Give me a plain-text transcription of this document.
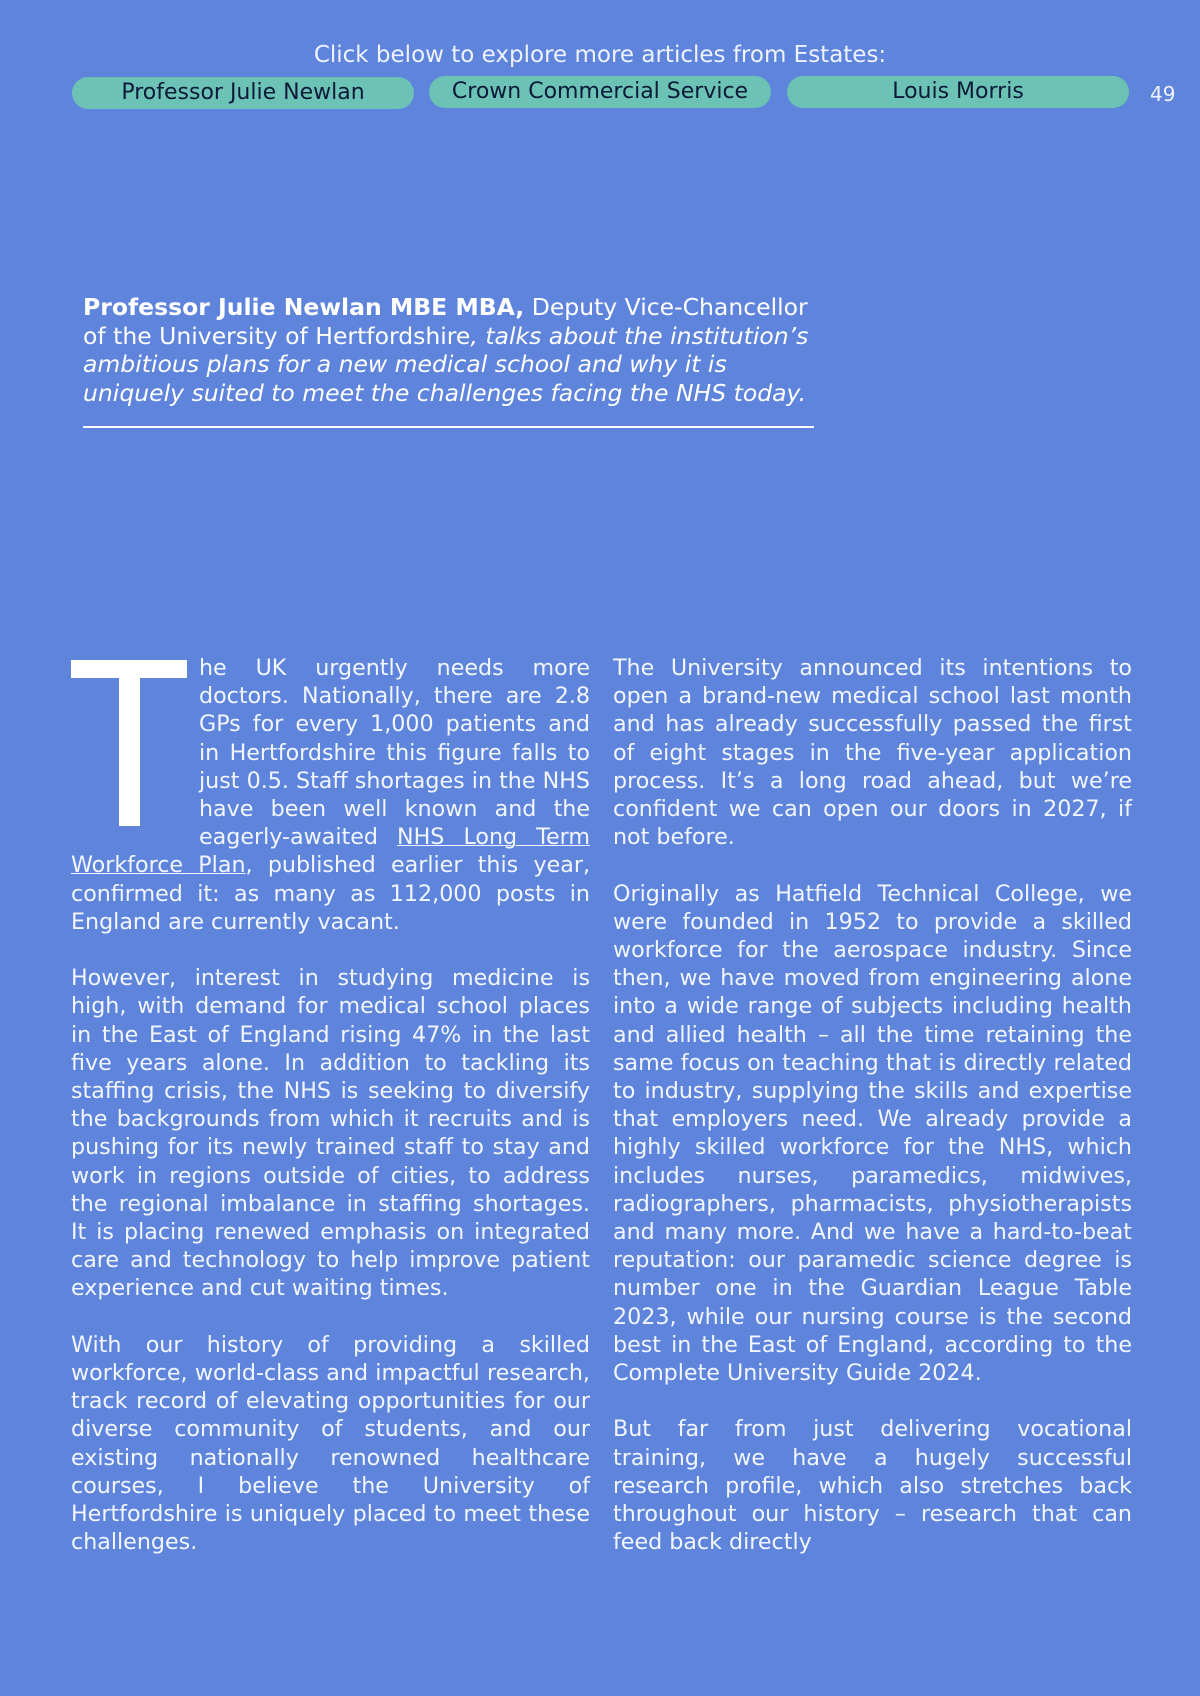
Click below to explore more articles from Estates:
Professor Julie Newlan	Crown Commercial Service	Louis Morris	49
Professor Julie Newlan MBE MBA, Deputy Vice-Chancellor of the University of Hertfordshire, talks about the institution’s ambitious plans for a new medical school and why it is uniquely suited to meet the challenges facing the NHS today.

he UK urgently needs more doctors. Nationally, there are 2.8 GPs for every 1,000 patients and in Hertfordshire this figure falls to just 0.5. Staff shortages in the NHS have been well known and the eagerly-awaited NHS Long Term Workforce Plan, published earlier this year, confirmed it: as many as 112,000 posts in England are currently vacant.

However, interest in studying medicine is high, with demand for medical school places in the East of England rising 47% in the last five years alone. In addition to tackling its staffing crisis, the NHS is seeking to diversify the backgrounds from which it recruits and is pushing for its newly trained staff to stay and work in regions outside of cities, to address the regional imbalance in staffing shortages. It is placing renewed emphasis on integrated care and technology to help improve patient experience and cut waiting times.

With our history of providing a skilled workforce, world-class and impactful research, track record of elevating opportunities for our diverse community of students, and our existing nationally renowned healthcare courses, I believe the University of Hertfordshire is uniquely placed to meet these challenges.

The University announced its intentions to open a brand-new medical school last month and has already successfully passed the first of eight stages in the five-year application process. It’s a long road ahead, but we’re confident we can open our doors in 2027, if not before.

Originally as Hatfield Technical College, we were founded in 1952 to provide a skilled workforce for the aerospace industry. Since then, we have moved from engineering alone into a wide range of subjects including health and allied health – all the time retaining the same focus on teaching that is directly related to industry, supplying the skills and expertise that employers need. We already provide a highly skilled workforce for the NHS, which includes nurses, paramedics, midwives, radiographers, pharmacists, physiotherapists and many more. And we have a hard-to-beat reputation: our paramedic science degree is number one in the Guardian League Table 2023, while our nursing course is the second best in the East of England, according to the Complete University Guide 2024.

But far from just delivering vocational training, we have a hugely successful research profile, which also stretches back throughout our history – research that can feed back directly
